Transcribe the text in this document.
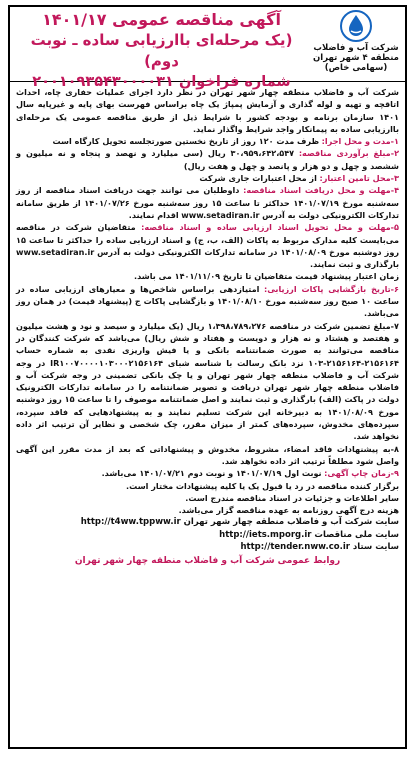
شرکت آب و فاضلاب
منطقه ۴ شهر تهران
(سهامی خاص)
آگهی مناقصه عمومی ۱۴۰۱/۱۷
(یک مرحله‌ای باارزیابی ساده ـ نوبت دوم)
شماره فراخوان ۲۰۰۱۰۹۳۵۴۳۰۰۰۰۳۱

شرکت آب و فاضلاب منطقه چهار شهر تهران در نظر دارد اجرای عملیات حفاری چاه، احداث اتاقچه و تهیه و لوله گذاری و آزمایش پمپاژ یک چاه براساس فهرست بهای پایه و غیرپایه سال ۱۴۰۱ سازمان برنامه و بودجه کشور با شرایط ذیل از طریق مناقصه عمومی یک مرحله‌ای باارزیابی ساده به پیمانکار واجد شرایط واگذار نماید.

۱-مدت و محل اجرا: ظرف مدت ۱۲۰ روز از تاریخ نخستین صورتجلسه تحویل کارگاه است

۲-مبلغ برآوردی مناقصه: ۳۰،۹۵۹،۶۴۲،۵۴۷ ریال (سی میلیارد و نهصد و پنجاه و نه میلیون و ششصد و چهل و دو هزار و پانصد و چهل و هفت ریال)

۳-محل تامین اعتبار: از محل اعتبارات جاری شرکت

۴-مهلت و محل دریافت اسناد مناقصه: داوطلبان می توانند جهت دریافت اسناد مناقصه از روز سه‌شنبه مورخ ۱۴۰۱/۰۷/۱۹ حداکثر تا ساعت ۱۵ روز سه‌شنبه مورخ ۱۴۰۱/۰۷/۲۶ از طریق سامانه تدارکات الکترونیکی دولت به آدرس www.setadiran.ir اقدام نمایند.

۵-مهلت و محل تحویل اسناد ارزیابی ساده و اسناد مناقصه: متقاضیان شرکت در مناقصه می‌بایست کلیه مدارک مربوط به پاکات (الف، ب، ج) و اسناد ارزیابی ساده را حداکثر تا ساعت ۱۵ روز دوشنبه مورخ ۱۴۰۱/۰۸/۰۹ در سامانه تدارکات الکترونیکی دولت به آدرس www.setadiran.ir بارگذاری و ثبت نمایند.

زمان اعتبار پیشنهاد قیمت متقاضیان تا تاریخ ۱۴۰۱/۱۱/۰۹ می باشد.

۶-تاریخ بازگشایی پاکات ارزیابی: امتیازدهی براساس شاخص‌ها و معیارهای ارزیابی ساده در ساعت ۱۰ صبح روز سه‌شنبه مورخ ۱۴۰۱/۰۸/۱۰ و بازگشایی پاکات ج (پیشنهاد قیمت) در همان روز می‌باشد.

۷-مبلغ تضمین شرکت در مناقصه ۱،۳۹۸،۷۸۹،۲۷۶ ریال (یک میلیارد و سیصد و نود و هشت میلیون و هفتصد و هشتاد و نه هزار و دویست و هفتاد و شش ریال) می‌باشد که شرکت کنندگان در مناقصه می‌توانند به صورت ضمانتنامه بانکی و یا فیش واریزی نقدی به شماره حساب ۲۱۵۶۱۶۴-۲۱۵۶۱۶۴-۱۰۳ نزد بانک رسالت با شناسه شبای IR۱۰۰۷۰۰۰۰۱۰۳۰۰۰۲۱۵۶۱۶۴ در وجه شرکت آب و فاضلاب منطقه چهار شهر تهران و یا چک بانکی تضمینی در وجه شرکت آب و فاضلاب منطقه چهار شهر تهران دریافت و تصویر ضمانتنامه را در سامانه تدارکات الکترونیک دولت در پاکت (الف) بارگذاری و ثبت نمایند و اصل ضمانتنامه موصوف را تا ساعت ۱۵ روز دوشنبه مورخ ۱۴۰۱/۰۸/۰۹ به دبیرخانه این شرکت تسلیم نمایند و به پیشنهادهایی که فاقد سپرده، سپرده‌های مخدوش، سپرده‌های کمتر از میزان مقرر، چک شخصی و نظایر آن ترتیب اثر داده نخواهد شد.

۸-به پیشنهادات فاقد امضاء، مشروط، مخدوش و پیشنهاداتی که بعد از مدت مقرر این آگهی واصل شود مطلقاً ترتیب اثر داده نخواهد شد.

۹-زمان چاپ آگهی: نوبت اول ۱۴۰۱/۰۷/۱۹ و نوبت دوم ۱۴۰۱/۰۷/۲۱ می‌باشد.

برگزار کننده مناقصه در رد یا قبول یک یا کلیه پیشنهادات مختار است.

سایر اطلاعات و جزئیات در اسناد مناقصه مندرج است.

هزینه درج آگهی روزنامه به عهده مناقصه گزار می‌باشد.

سایت شرکت آب و فاضلاب منطقه چهار شهر تهران http://t4ww.tppww.ir

سایت ملی مناقصات http://iets.mporg.ir

سایت ستاد http://tender.nww.co.ir

روابط عمومی شرکت آب و فاضلاب منطقه چهار شهر تهران
